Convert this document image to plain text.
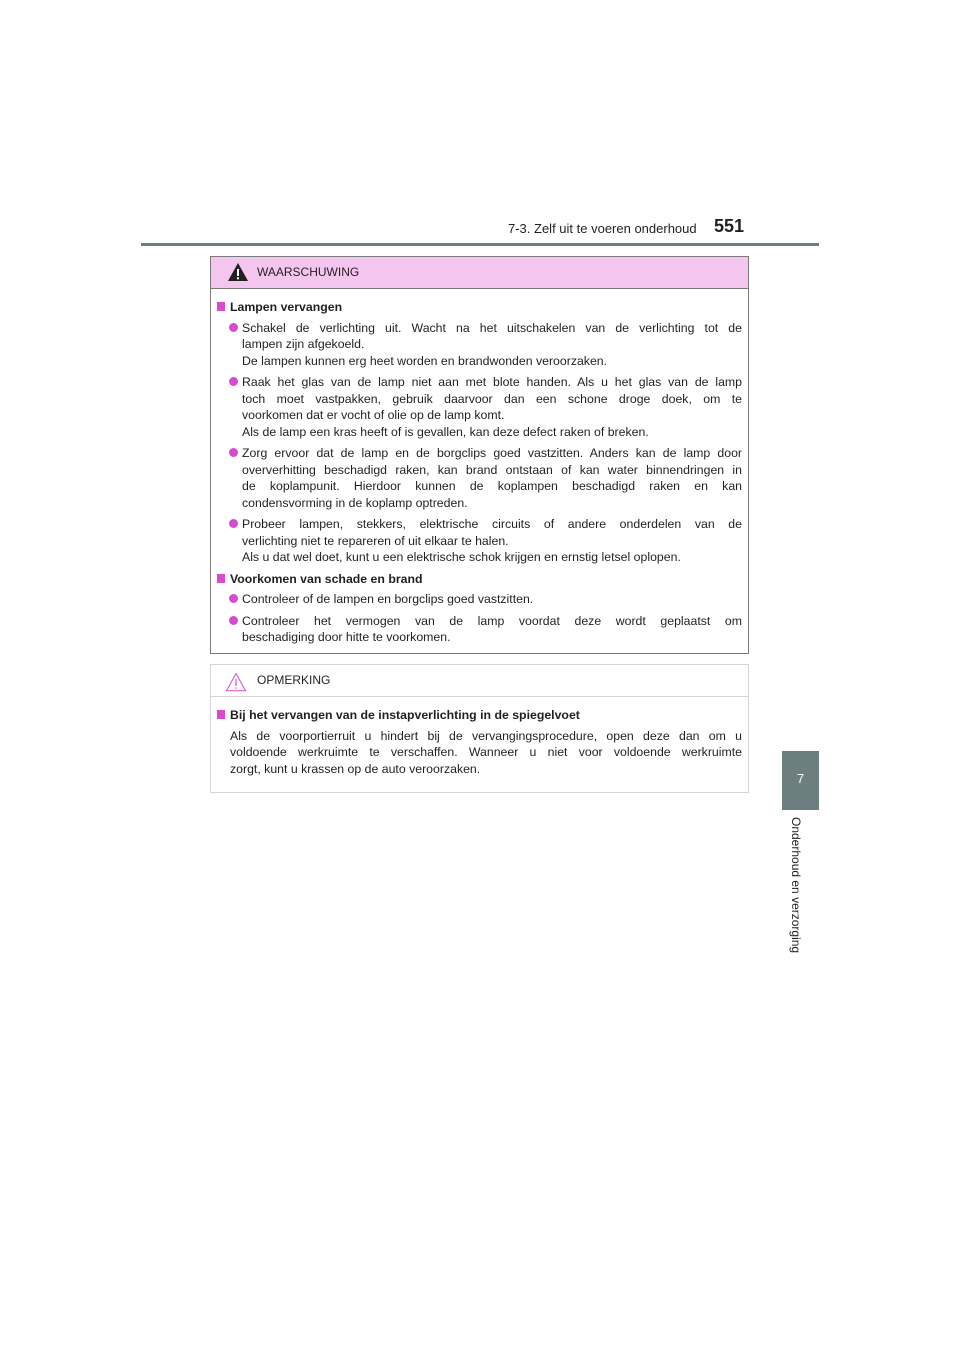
7-3. Zelf uit te voeren onderhoud 551
7
Onderhoud en verzorging
WAARSCHUWING
Lampen vervangen
Schakel de verlichting uit. Wacht na het uitschakelen van de verlichting tot de
lampen zijn afgekoeld.
De lampen kunnen erg heet worden en brandwonden veroorzaken.
Raak het glas van de lamp niet aan met blote handen. Als u het glas van de lamp
toch moet vastpakken, gebruik daarvoor dan een schone droge doek, om te
voorkomen dat er vocht of olie op de lamp komt.
Als de lamp een kras heeft of is gevallen, kan deze defect raken of breken.
Zorg ervoor dat de lamp en de borgclips goed vastzitten. Anders kan de lamp door
oververhitting beschadigd raken, kan brand ontstaan of kan water binnendringen in
de koplampunit. Hierdoor kunnen de koplampen beschadigd raken en kan
condensvorming in de koplamp optreden.
Probeer lampen, stekkers, elektrische circuits of andere onderdelen van de
verlichting niet te repareren of uit elkaar te halen.
Als u dat wel doet, kunt u een elektrische schok krijgen en ernstig letsel oplopen.
Voorkomen van schade en brand
Controleer of de lampen en borgclips goed vastzitten.
Controleer het vermogen van de lamp voordat deze wordt geplaatst om
beschadiging door hitte te voorkomen.
OPMERKING
Bij het vervangen van de instapverlichting in de spiegelvoet
Als de voorportierruit u hindert bij de vervangingsprocedure, open deze dan om u
voldoende werkruimte te verschaffen. Wanneer u niet voor voldoende werkruimte
zorgt, kunt u krassen op de auto veroorzaken.
